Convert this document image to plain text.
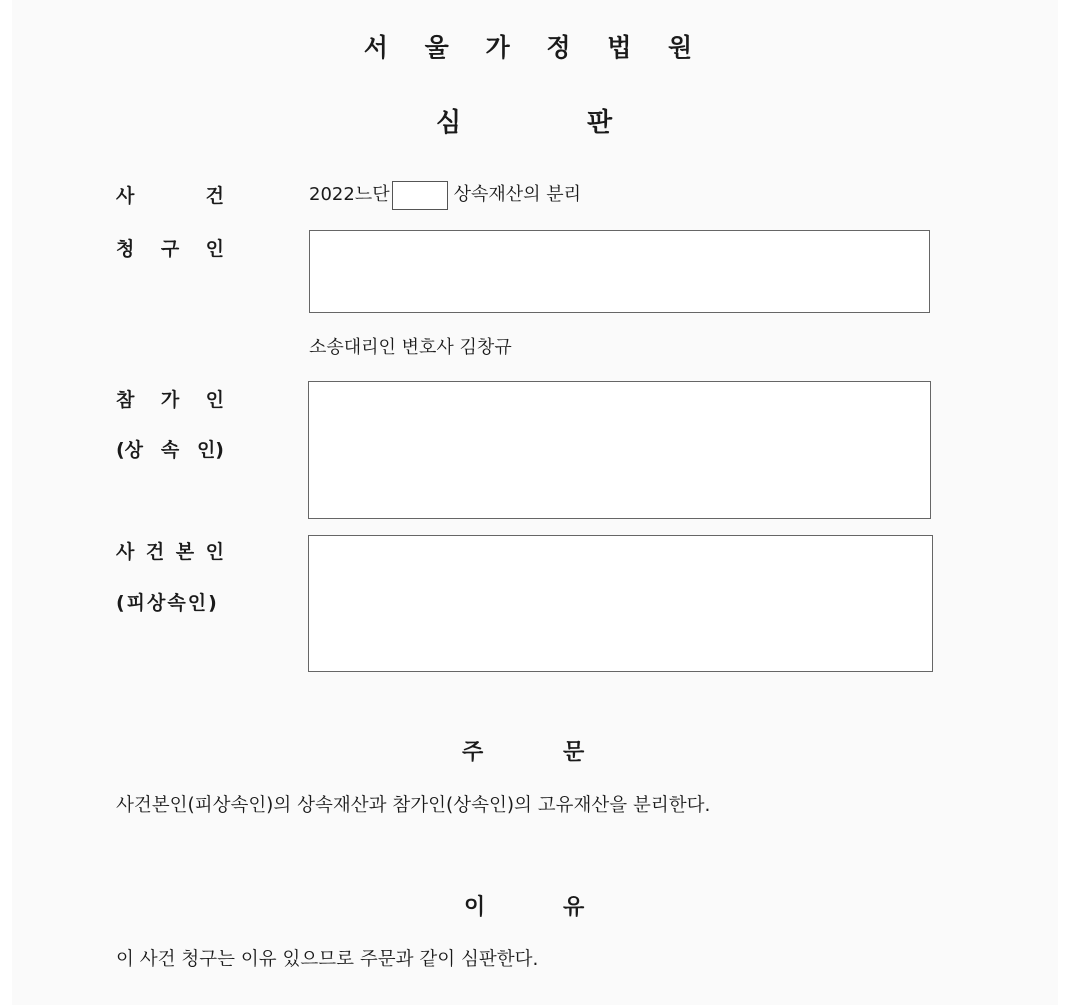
서 울 가 정 법 원
심	판
사	건	2022느단	상속재산의 분리
청 구 인
소송대리인 변호사 김창규
참 가 인
(상 속 인)
사 건 본 인
(피상속인)
주	문
사건본인(피상속인)의 상속재산과 참가인(상속인)의 고유재산을 분리한다.
이	유
이 사건 청구는 이유 있으므로 주문과 같이 심판한다.
